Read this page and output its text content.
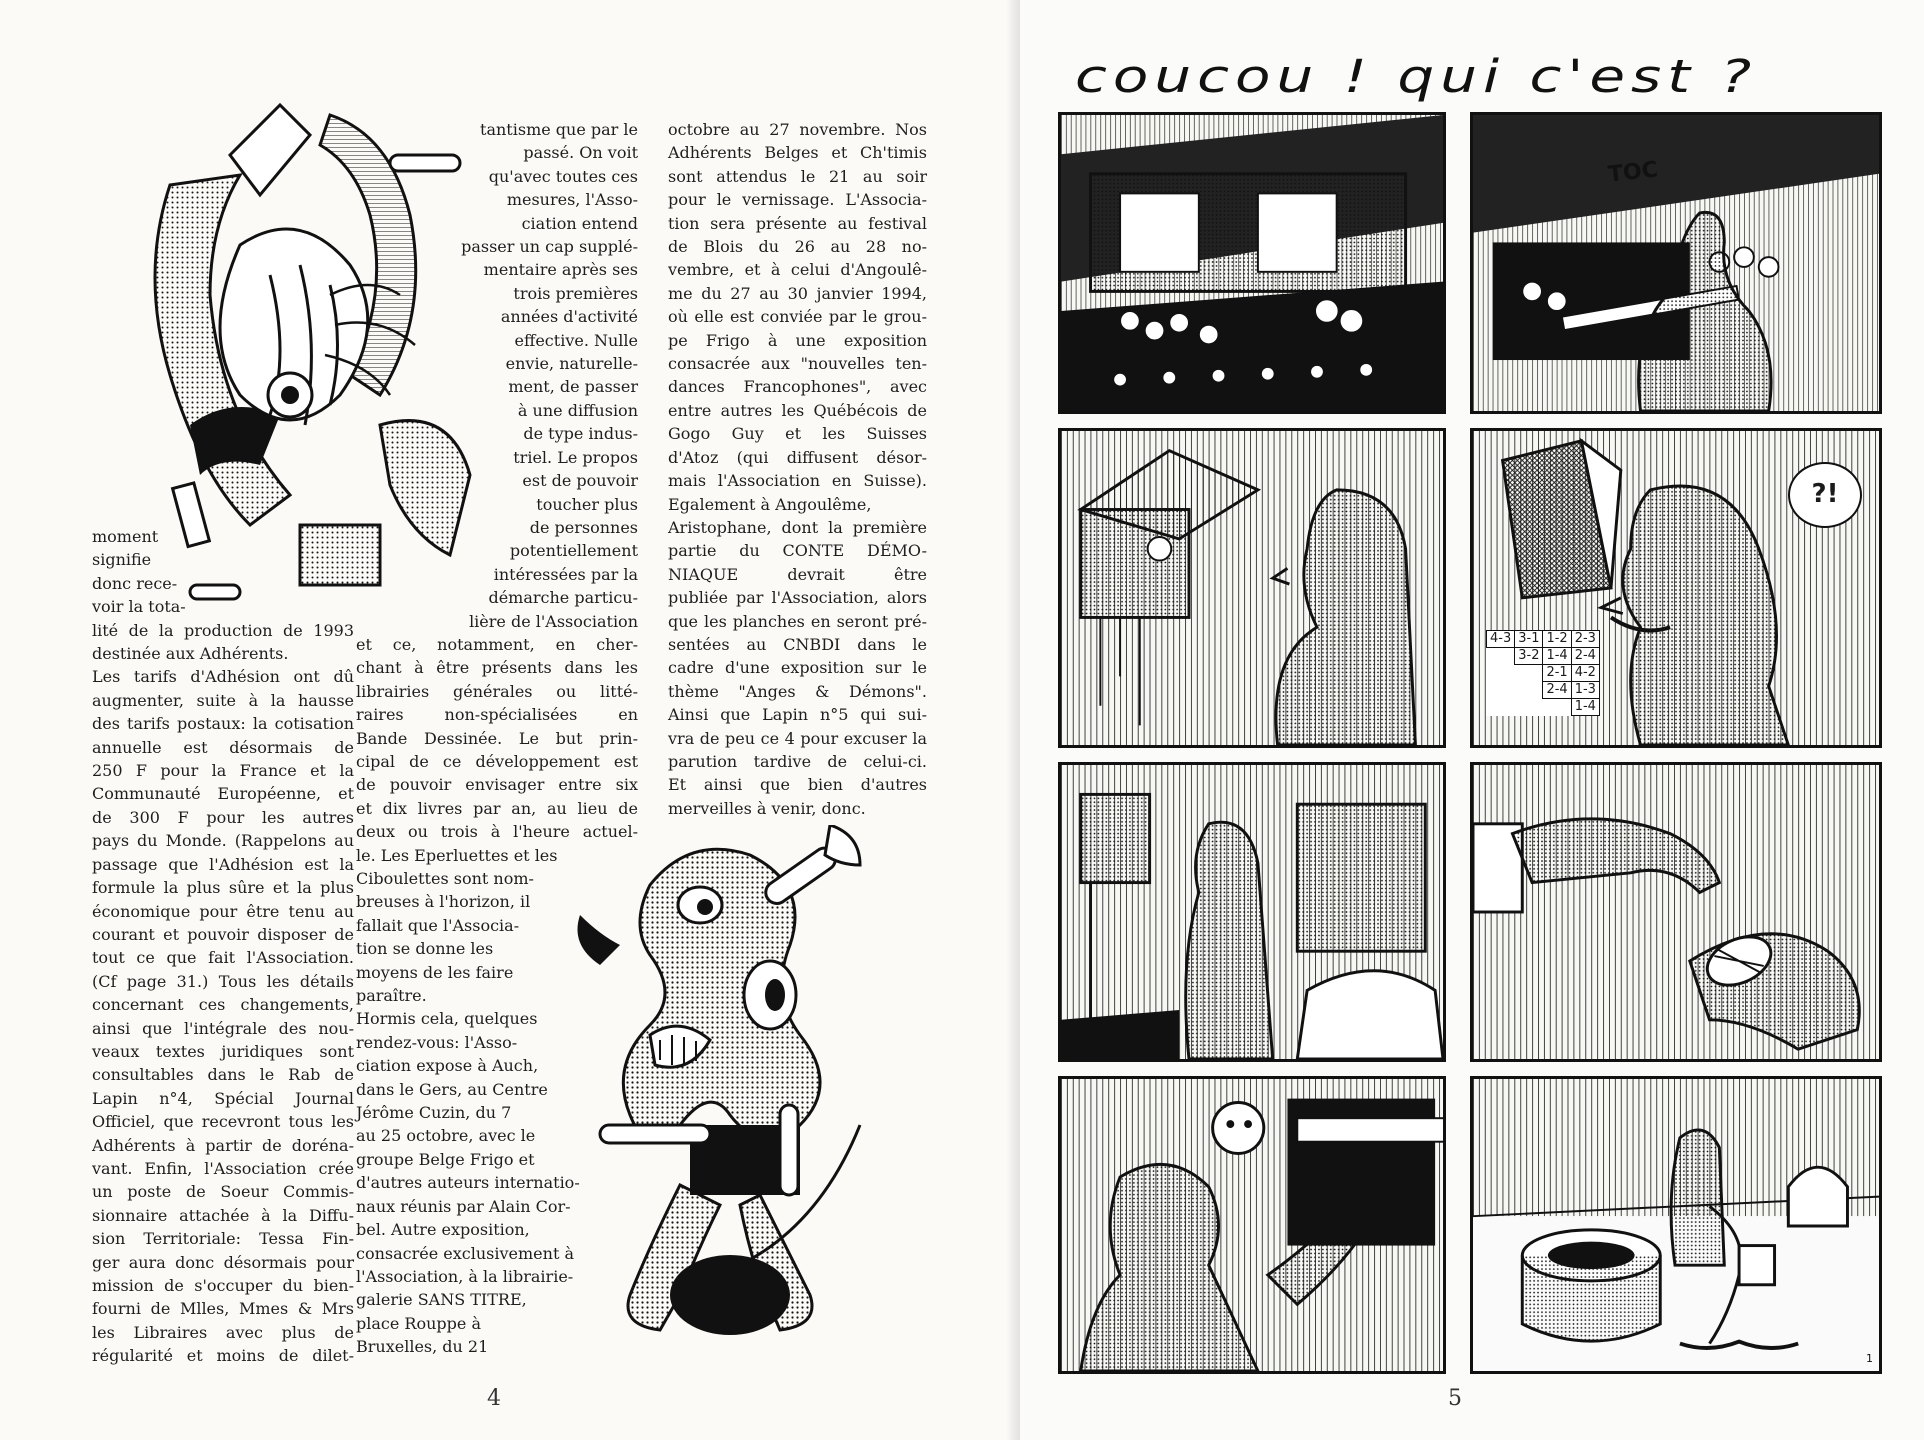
moment
signifie
donc rece-
voir la tota-
lité de la production de 1993
destinée aux Adhérents.
Les tarifs d'Adhésion ont dû
augmenter, suite à la hausse
des tarifs postaux: la cotisation
annuelle est désormais de
250 F pour la France et la
Communauté Européenne, et
de 300 F pour les autres
pays du Monde. (Rappelons au
passage que l'Adhésion est la
formule la plus sûre et la plus
économique pour être tenu au
courant et pouvoir disposer de
tout ce que fait l'Association.
(Cf page 31.) Tous les détails
concernant ces changements,
ainsi que l'intégrale des nou-
veaux textes juridiques sont
consultables dans le Rab de
Lapin n°4, Spécial Journal
Officiel, que recevront tous les
Adhérents à partir de doréna-
vant. Enfin, l'Association crée
un poste de Soeur Commis-
sionnaire attachée à la Diffu-
sion Territoriale: Tessa Fin-
ger aura donc désormais pour
mission de s'occuper du bien-
fourni de Mlles, Mmes & Mrs
les Libraires avec plus de
régularité et moins de dilet-
tantisme que par le
passé. On voit
qu'avec toutes ces
mesures, l'Asso-
ciation entend
passer un cap supplé-
mentaire après ses
trois premières
années d'activité
effective. Nulle
envie, naturelle-
ment, de passer
à une diffusion
de type indus-
triel. Le propos
est de pouvoir
toucher plus
de personnes
potentiellement
intéressées par la
démarche particu-
lière de l'Association
et ce, notamment, en cher-
chant à être présents dans les
librairies générales ou litté-
raires non-spécialisées en
Bande Dessinée. Le but prin-
cipal de ce développement est
de pouvoir envisager entre six
et dix livres par an, au lieu de
deux ou trois à l'heure actuel-
le. Les Eperluettes et les
Ciboulettes sont nom-
breuses à l'horizon, il
fallait que l'Associa-
tion se donne les
moyens de les faire
paraître.
Hormis cela, quelques
rendez-vous: l'Asso-
ciation expose à Auch,
dans le Gers, au Centre
Jérôme Cuzin, du 7
au 25 octobre, avec le
groupe Belge Frigo et
d'autres auteurs internatio-
naux réunis par Alain Cor-
bel. Autre exposition,
consacrée exclusivement à
l'Association, à la librairie-
galerie SANS TITRE,
place Rouppe à
Bruxelles, du 21
octobre au 27 novembre. Nos
Adhérents Belges et Ch'timis
sont attendus le 21 au soir
pour le vernissage. L'Associa-
tion sera présente au festival
de Blois du 26 au 28 no-
vembre, et à celui d'Angoulê-
me du 27 au 30 janvier 1994,
où elle est conviée par le grou-
pe Frigo à une exposition
consacrée aux "nouvelles ten-
dances Francophones", avec
entre autres les Québécois de
Gogo Guy et les Suisses
d'Atoz (qui diffusent désor-
mais l'Association en Suisse).
Egalement à Angoulême,
Aristophane, dont la première
partie du CONTE DÉMO-
NIAQUE devrait être
publiée par l'Association, alors
que les planches en seront pré-
sentées au CNBDI dans le
cadre d'une exposition sur le
thème "Anges & Démons".
Ainsi que Lapin n°5 qui sui-
vra de peu ce 4 pour excuser la
parution tardive de celui-ci.
Et ainsi que bien d'autres
merveilles à venir, donc.
4
coucou ! qui c'est ?
TOC
?!
4-3	3-1	1-2	2-3
	3-2	1-4	2-4
		2-1	4-2
		2-4	1-3
			1-4
1
5
